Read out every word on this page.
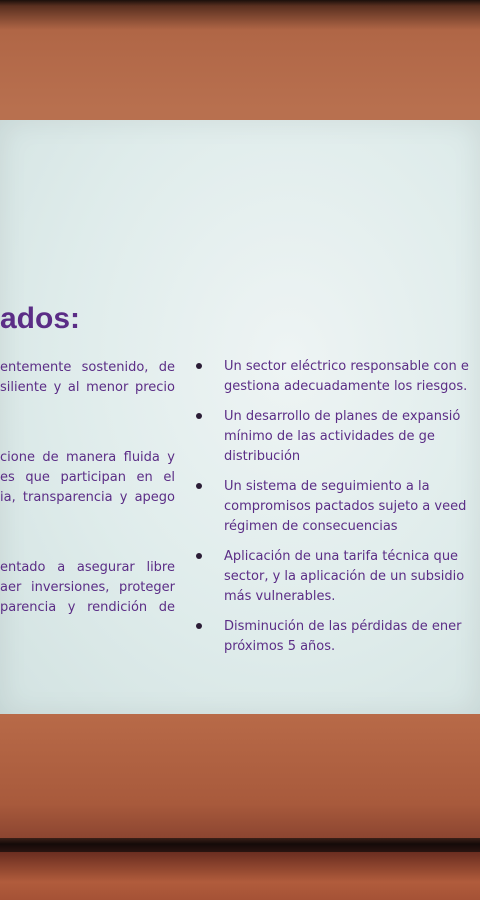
ados:

entemente sostenido, de
siliente y al menor precio

cione de manera fluida y
es que participan en el
ia, transparencia y apego

entado a asegurar libre
aer inversiones, proteger
parencia y rendición de

Un sector eléctrico responsable con e
gestiona adecuadamente los riesgos.
Un desarrollo de planes de expansió
mínimo de las actividades de ge
distribución
Un sistema de seguimiento a la
compromisos pactados sujeto a veed
régimen de consecuencias
Aplicación de una tarifa técnica que
sector, y la aplicación de un subsidio
más vulnerables.
Disminución de las pérdidas de ener
próximos 5 años.
